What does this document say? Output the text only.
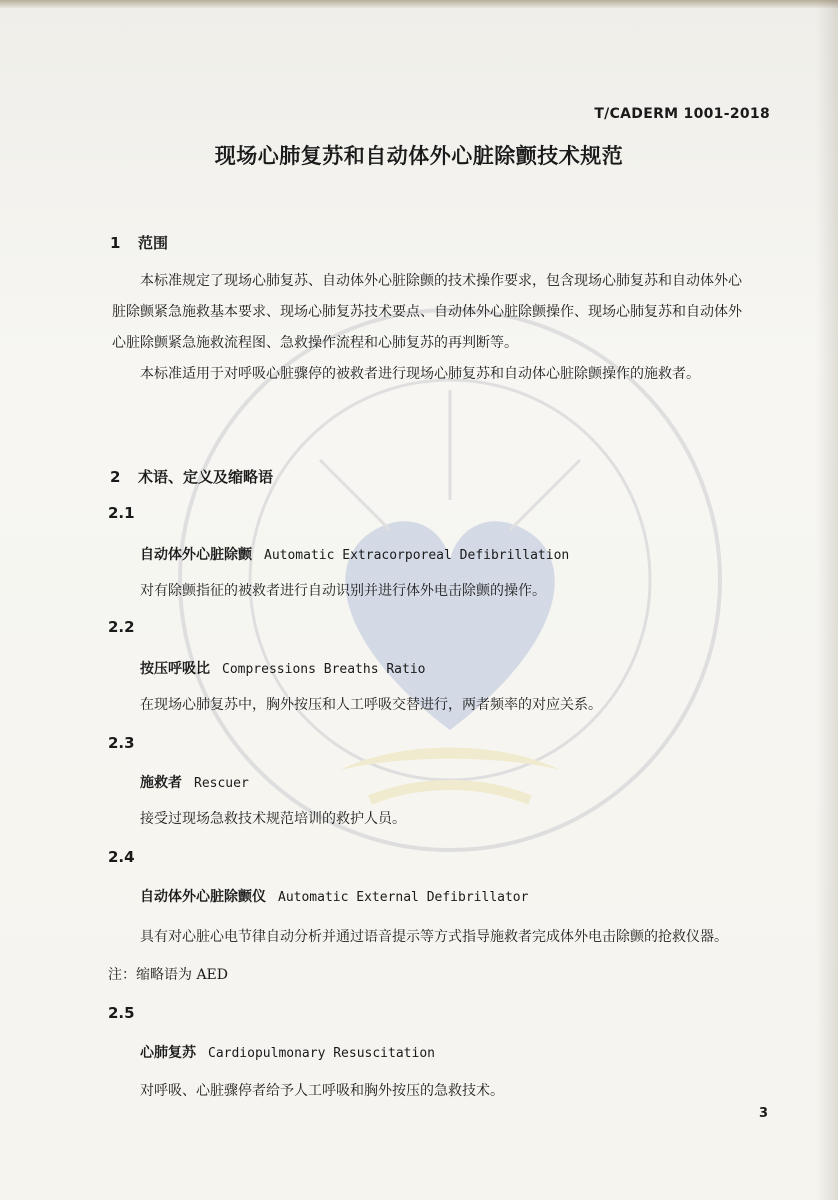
T/CADERM 1001-2018
现场心肺复苏和自动体外心脏除颤技术规范
1 范围

本标准规定了现场心肺复苏、自动体外心脏除颤的技术操作要求，包含现场心肺复苏和自动体外心

脏除颤紧急施救基本要求、现场心肺复苏技术要点、自动体外心脏除颤操作、现场心肺复苏和自动体外
心脏除颤紧急施救流程图、急救操作流程和心肺复苏的再判断等。

本标准适用于对呼吸心脏骤停的被救者进行现场心肺复苏和自动体心脏除颤操作的施救者。

2 术语、定义及缩略语
2.1
自动体外心脏除颤 Automatic Extracorporeal Defibrillation
对有除颤指征的被救者进行自动识别并进行体外电击除颤的操作。
2.2
按压呼吸比 Compressions Breaths Ratio
在现场心肺复苏中，胸外按压和人工呼吸交替进行，两者频率的对应关系。
2.3
施救者 Rescuer
接受过现场急救技术规范培训的救护人员。
2.4
自动体外心脏除颤仪 Automatic External Defibrillator
具有对心脏心电节律自动分析并通过语音提示等方式指导施救者完成体外电击除颤的抢救仪器。
注：缩略语为 AED
2.5
心肺复苏 Cardiopulmonary Resuscitation
对呼吸、心脏骤停者给予人工呼吸和胸外按压的急救技术。
3
